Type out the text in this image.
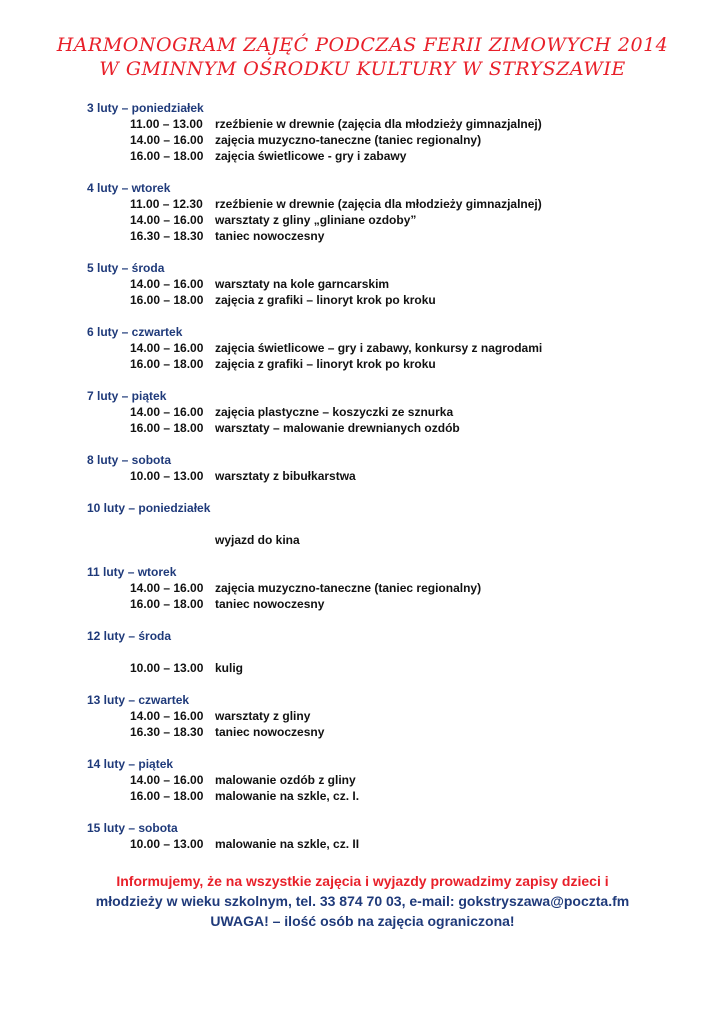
HARMONOGRAM ZAJĘĆ PODCZAS FERII ZIMOWYCH 2014
W GMINNYM OŚRODKU KULTURY W STRYSZAWIE
3 luty – poniedziałek
11.00 – 13.00 rzeźbienie w drewnie (zajęcia dla młodzieży gimnazjalnej)
14.00 – 16.00 zajęcia muzyczno-taneczne (taniec regionalny)
16.00 – 18.00 zajęcia świetlicowe - gry i zabawy
4 luty – wtorek
11.00 – 12.30 rzeźbienie w drewnie (zajęcia dla młodzieży gimnazjalnej)
14.00 – 16.00 warsztaty z gliny „gliniane ozdoby”
16.30 – 18.30 taniec nowoczesny
5 luty – środa
14.00 – 16.00 warsztaty na kole garncarskim
16.00 – 18.00 zajęcia z grafiki – linoryt krok po kroku
6 luty – czwartek
14.00 – 16.00 zajęcia świetlicowe – gry i zabawy, konkursy z nagrodami
16.00 – 18.00 zajęcia z grafiki – linoryt krok po kroku
7 luty – piątek
14.00 – 16.00 zajęcia plastyczne – koszyczki ze sznurka
16.00 – 18.00 warsztaty – malowanie drewnianych ozdób
8 luty – sobota
10.00 – 13.00 warsztaty z bibułkarstwa
10 luty – poniedziałek
wyjazd do kina
11 luty – wtorek
14.00 – 16.00 zajęcia muzyczno-taneczne (taniec regionalny)
16.00 – 18.00 taniec nowoczesny
12 luty – środa
10.00 – 13.00 kulig
13 luty – czwartek
14.00 – 16.00 warsztaty z gliny
16.30 – 18.30 taniec nowoczesny
14 luty – piątek
14.00 – 16.00 malowanie ozdób z gliny
16.00 – 18.00 malowanie na szkle, cz. I.
15 luty – sobota
10.00 – 13.00 malowanie na szkle, cz. II
Informujemy, że na wszystkie zajęcia i wyjazdy prowadzimy zapisy dzieci i
młodzieży w wieku szkolnym, tel. 33 874 70 03, e-mail: gokstryszawa@poczta.fm
UWAGA! – ilość osób na zajęcia ograniczona!
